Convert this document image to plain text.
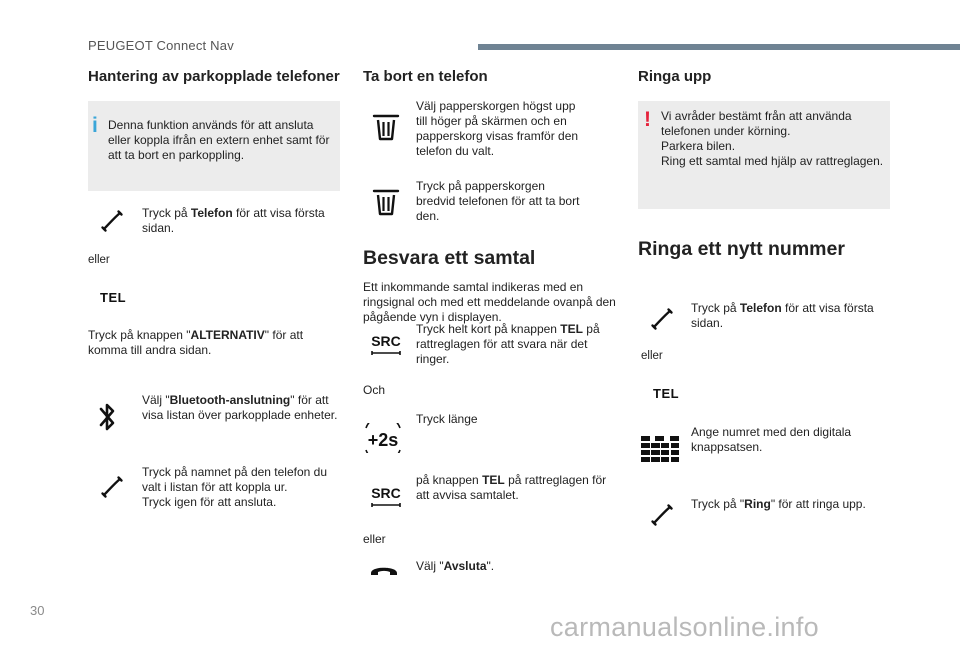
PEUGEOT Connect Nav
Hantering av parkopplade telefoner
i Denna funktion används för att ansluta eller koppla ifrån en extern enhet samt för att ta bort en parkoppling.
Tryck på Telefon för att visa första sidan.
eller
TEL
Tryck på knappen "ALTERNATIV" för att komma till andra sidan.
Välj "Bluetooth-anslutning" för att visa listan över parkopplade enheter.
Tryck på namnet på den telefon du valt i listan för att koppla ur.
Tryck igen för att ansluta.
Ta bort en telefon
Välj papperskorgen högst upp till höger på skärmen och en papperskorg visas framför den telefon du valt.
Tryck på papperskorgen bredvid telefonen för att ta bort den.
Besvara ett samtal
Ett inkommande samtal indikeras med en ringsignal och med ett meddelande ovanpå den pågående vyn i displayen.
SRC
Tryck helt kort på knappen TEL på rattreglagen för att svara när det ringer.
Och
+2s
Tryck länge
SRC
på knappen TEL på rattreglagen för att avvisa samtalet.
eller
Välj "Avsluta".
Ringa upp
! Vi avråder bestämt från att använda telefonen under körning.
Parkera bilen.
Ring ett samtal med hjälp av rattreglagen.
Ringa ett nytt nummer
Tryck på Telefon för att visa första sidan.
eller
TEL
Ange numret med den digitala knappsatsen.
Tryck på "Ring" för att ringa upp.
30
carmanualsonline.info
